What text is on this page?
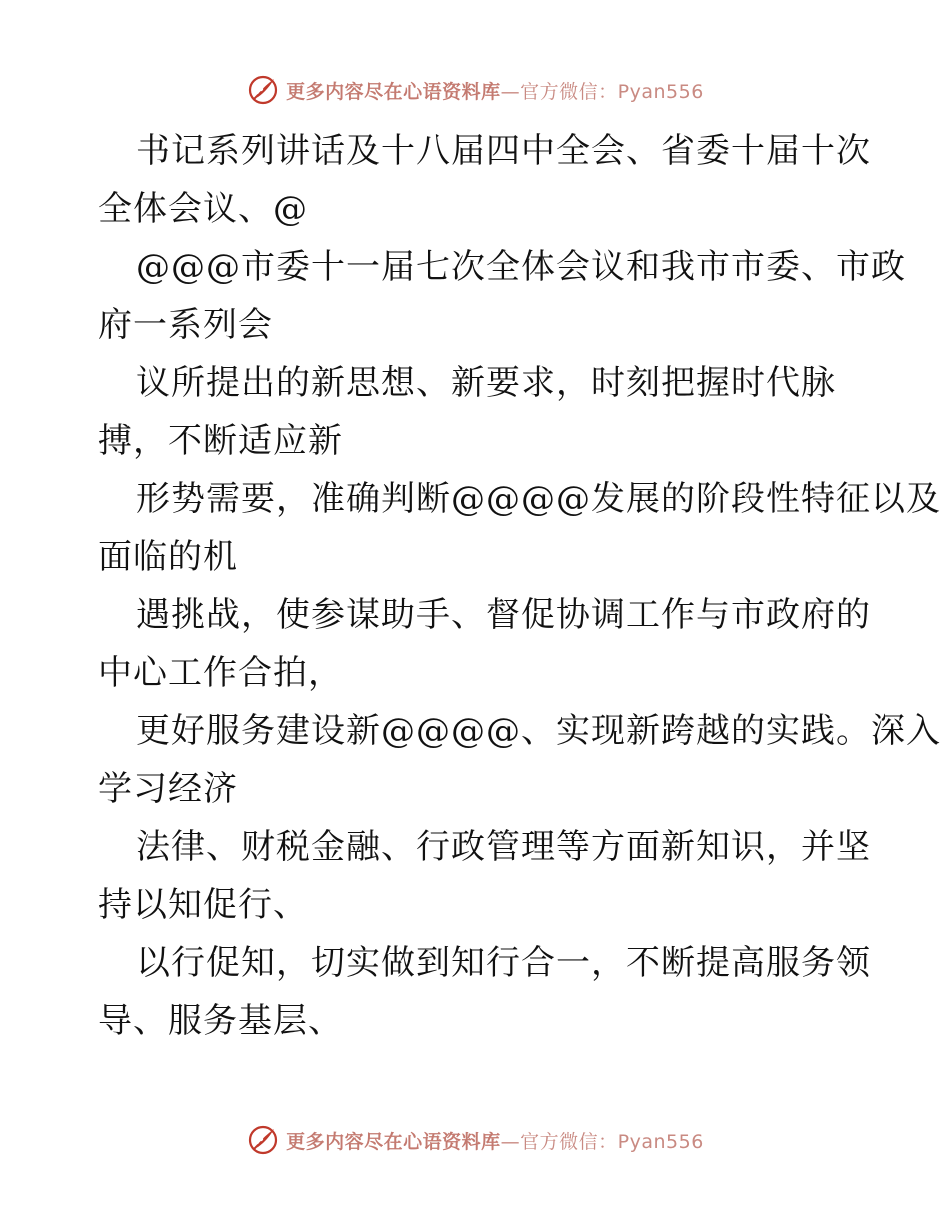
更多内容尽在心语资料库—官方微信：Pyan556
书记系列讲话及十八届四中全会、省委十届十次
全体会议、@
@@@市委十一届七次全体会议和我市市委、市政
府一系列会
议所提出的新思想、新要求，时刻把握时代脉
搏，不断适应新
形势需要，准确判断@@@@发展的阶段性特征以及
面临的机
遇挑战，使参谋助手、督促协调工作与市政府的
中心工作合拍，
更好服务建设新@@@@、实现新跨越的实践。深入
学习经济
法律、财税金融、行政管理等方面新知识，并坚
持以知促行、
以行促知，切实做到知行合一，不断提高服务领
导、服务基层、
更多内容尽在心语资料库—官方微信：Pyan556
